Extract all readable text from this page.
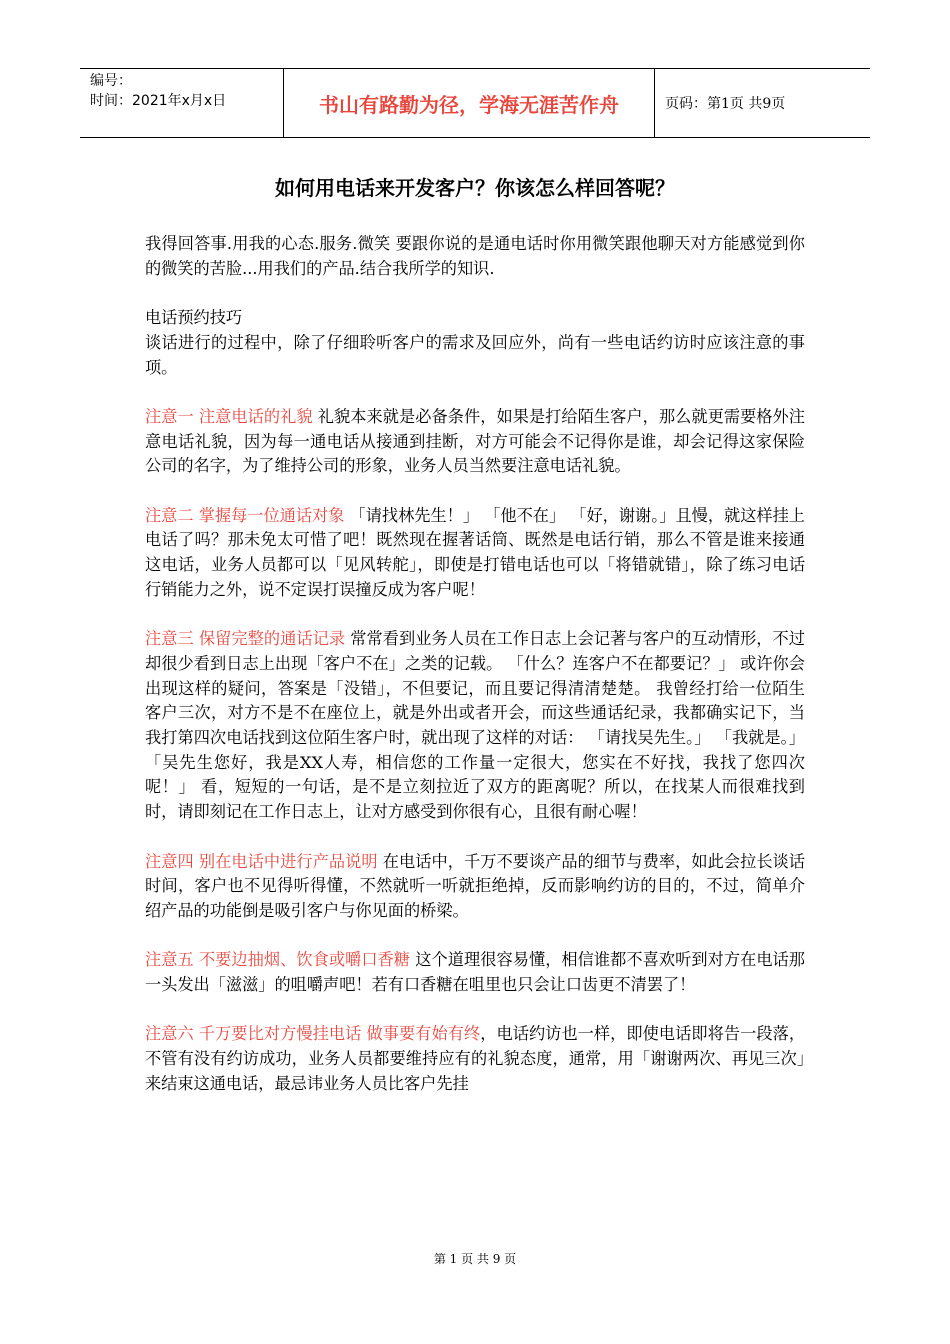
编号：
时间：2021年x月x日	书山有路勤为径，学海无涯苦作舟	页码：第1页 共9页
如何用电话来开发客户？你该怎么样回答呢？

我得回答事.用我的心态.服务.微笑 要跟你说的是通电话时你用微笑跟他聊天对方能感觉到你的微笑的苦脸...用我们的产品.结合我所学的知识.

电话预约技巧

谈话进行的过程中，除了仔细聆听客户的需求及回应外，尚有一些电话约访时应该注意的事项。

注意一 注意电话的礼貌 礼貌本来就是必备条件，如果是打给陌生客户，那么就更需要格外注意电话礼貌，因为每一通电话从接通到挂断，对方可能会不记得你是谁，却会记得这家保险公司的名字，为了维持公司的形象，业务人员当然要注意电话礼貌。

注意二 掌握每一位通话对象 「请找林先生！」 「他不在」 「好，谢谢。」且慢，就这样挂上电话了吗？那未免太可惜了吧！既然现在握著话筒、既然是电话行销，那么不管是谁来接通这电话，业务人员都可以「见风转舵」，即使是打错电话也可以「将错就错」，除了练习电话行销能力之外，说不定误打误撞反成为客户呢！

注意三 保留完整的通话记录 常常看到业务人员在工作日志上会记著与客户的互动情形，不过却很少看到日志上出现「客户不在」之类的记载。 「什么？连客户不在都要记？」 或许你会出现这样的疑问，答案是「没错」，不但要记，而且要记得清清楚楚。 我曾经打给一位陌生客户三次，对方不是不在座位上，就是外出或者开会，而这些通话纪录，我都确实记下，当我打第四次电话找到这位陌生客户时，就出现了这样的对话： 「请找吴先生。」 「我就是。」「吴先生您好，我是XX人寿，相信您的工作量一定很大，您实在不好找，我找了您四次呢！」 看，短短的一句话，是不是立刻拉近了双方的距离呢？所以，在找某人而很难找到时，请即刻记在工作日志上，让对方感受到你很有心，且很有耐心喔！

注意四 别在电话中进行产品说明 在电话中，千万不要谈产品的细节与费率，如此会拉长谈话时间，客户也不见得听得懂，不然就听一听就拒绝掉，反而影响约访的目的，不过，简单介绍产品的功能倒是吸引客户与你见面的桥梁。

注意五 不要边抽烟、饮食或嚼口香糖 这个道理很容易懂，相信谁都不喜欢听到对方在电话那一头发出「滋滋」的咀嚼声吧！若有口香糖在咀里也只会让口齿更不清罢了！

注意六 千万要比对方慢挂电话 做事要有始有终，电话约访也一样，即使电话即将告一段落，不管有没有约访成功，业务人员都要维持应有的礼貌态度，通常，用「谢谢两次、再见三次」来结束这通电话，最忌讳业务人员比客户先挂

第 1 页 共 9 页
